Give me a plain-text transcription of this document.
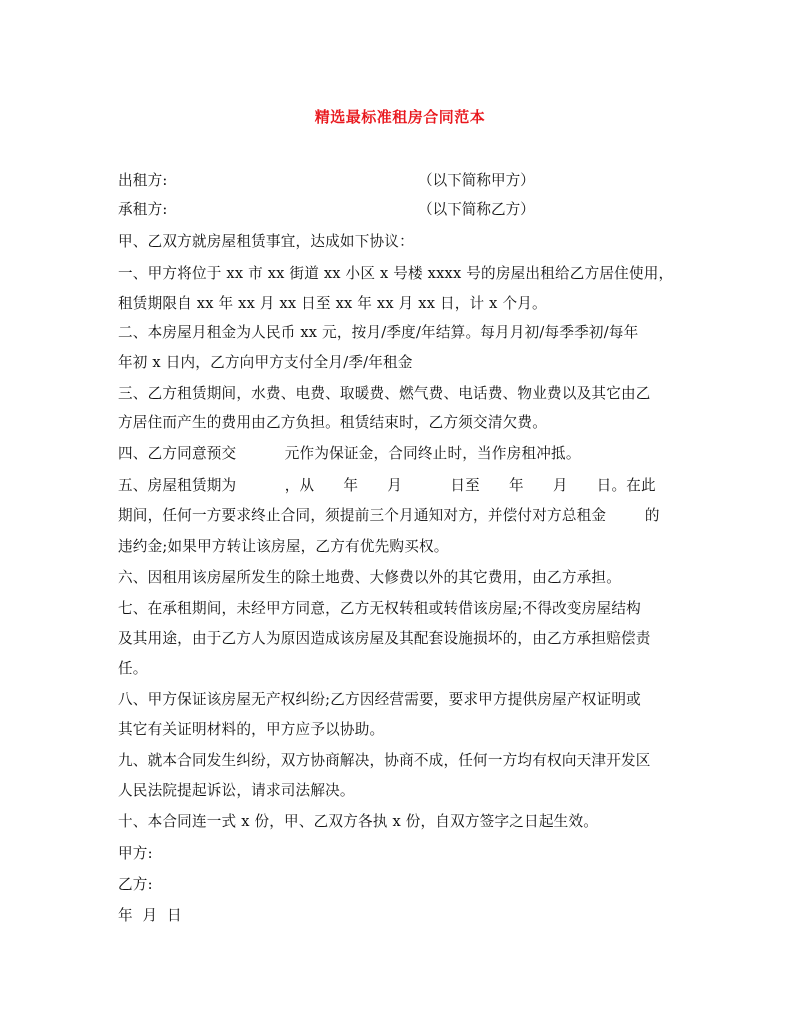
精选最标准租房合同范本
出租方:	（以下简称甲方）
承租方:	（以下简称乙方）
甲、乙双方就房屋租赁事宜，达成如下协议：
一、甲方将位于 xx 市 xx 街道 xx 小区 x 号楼 xxxx 号的房屋出租给乙方居住使用，
租赁期限自 xx 年 xx 月 xx 日至 xx 年 xx 月 xx 日，计 x 个月。
二、本房屋月租金为人民币 xx 元，按月/季度/年结算。每月月初/每季季初/每年
年初 x 日内，乙方向甲方支付全月/季/年租金
三、乙方租赁期间，水费、电费、取暖费、燃气费、电话费、物业费以及其它由乙
方居住而产生的费用由乙方负担。租赁结束时，乙方须交清欠费。
四、乙方同意预交          元作为保证金，合同终止时，当作房租冲抵。
五、房屋租赁期为          ，从      年      月          日至      年      月      日。在此
期间，任何一方要求终止合同，须提前三个月通知对方，并偿付对方总租金        的
违约金;如果甲方转让该房屋，乙方有优先购买权。
六、因租用该房屋所发生的除土地费、大修费以外的其它费用，由乙方承担。
七、在承租期间，未经甲方同意，乙方无权转租或转借该房屋;不得改变房屋结构
及其用途，由于乙方人为原因造成该房屋及其配套设施损坏的，由乙方承担赔偿责
任。
八、甲方保证该房屋无产权纠纷;乙方因经营需要，要求甲方提供房屋产权证明或
其它有关证明材料的，甲方应予以协助。
九、就本合同发生纠纷，双方协商解决，协商不成，任何一方均有权向天津开发区
人民法院提起诉讼，请求司法解决。
十、本合同连一式 x 份，甲、乙双方各执 x 份，自双方签字之日起生效。
甲方:
乙方:
年  月  日
